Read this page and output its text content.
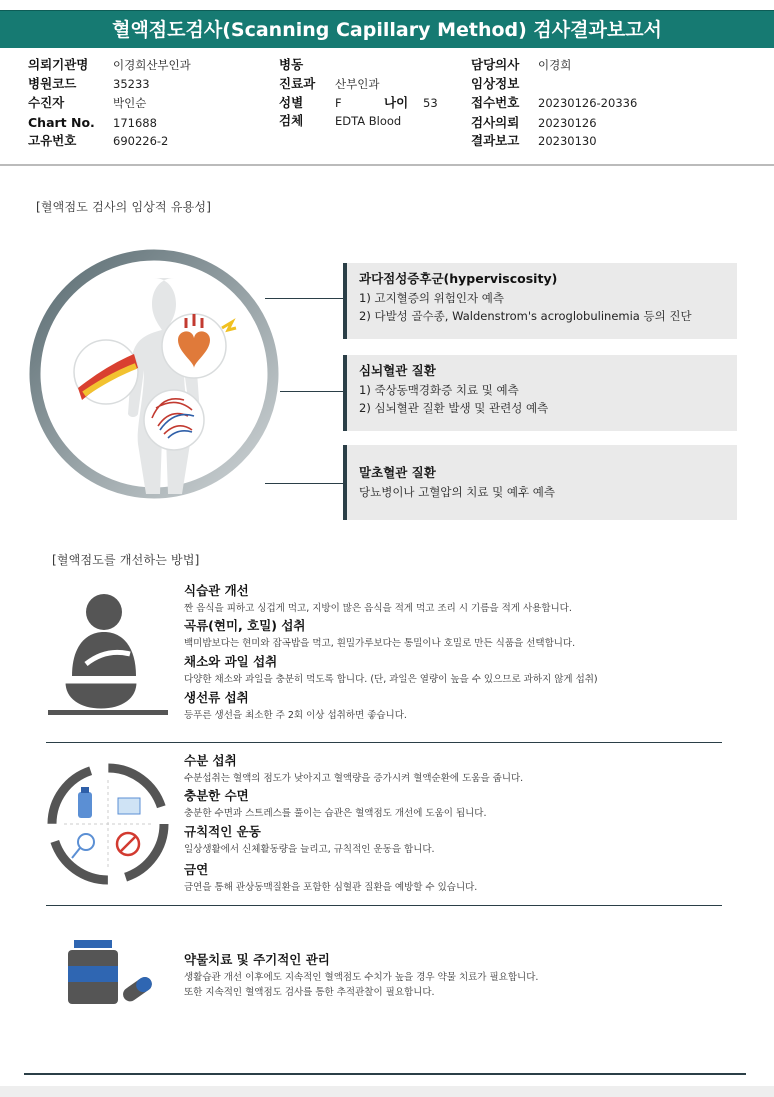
혈액점도검사(Scanning Capillary Method) 검사결과보고서
의뢰기관명 이경희산부인과
병원코드	35233
수진자	박인순
Chart No. 171688
고유번호	690226-2
병동
진료과 산부인과
성별	F	나이 53
검체	EDTA Blood
담당의사 이경희
임상정보
접수번호 20230126-20336
검사의뢰 20230126
결과보고 20230130
[혈액점도 검사의 임상적 유용성]
과다점성증후군(hyperviscosity)
1) 고지혈증의 위험인자 예측
2) 다발성 골수종, Waldenstrom's acroglobulinemia 등의 진단
심뇌혈관 질환
1) 죽상동맥경화증 치료 및 예측
2) 심뇌혈관 질환 발생 및 관련성 예측
말초혈관 질환
당뇨병이나 고혈압의 치료 및 예후 예측
[혈액점도를 개선하는 방법]
식습관 개선
짠 음식을 피하고 싱겁게 먹고, 지방이 많은 음식을 적게 먹고 조리 시 기름을 적게 사용합니다.
곡류(현미, 호밀) 섭취
백미밥보다는 현미와 잡곡밥을 먹고, 흰밀가루보다는 통밀이나 호밀로 만든 식품을 선택합니다.
채소와 과일 섭취
다양한 채소와 과일을 충분히 먹도록 합니다. (단, 과일은 열량이 높을 수 있으므로 과하지 않게 섭취)
생선류 섭취
등푸른 생선을 최소한 주 2회 이상 섭취하면 좋습니다.
수분 섭취
수분섭취는 혈액의 점도가 낮아지고 혈액량을 증가시켜 혈액순환에 도움을 줍니다.
충분한 수면
충분한 수면과 스트레스를 풀이는 습관은 혈액점도 개선에 도움이 됩니다.
규칙적인 운동
일상생활에서 신체활동량을 늘리고, 규칙적인 운동을 합니다.
금연
금연을 통해 관상동맥질환을 포함한 심혈관 질환을 예방할 수 있습니다.
약물치료 및 주기적인 관리
생활습관 개선 이후에도 지속적인 혈액점도 수치가 높을 경우 약물 치료가 필요합니다.
또한 지속적인 혈액점도 검사를 통한 추적관찰이 필요합니다.
